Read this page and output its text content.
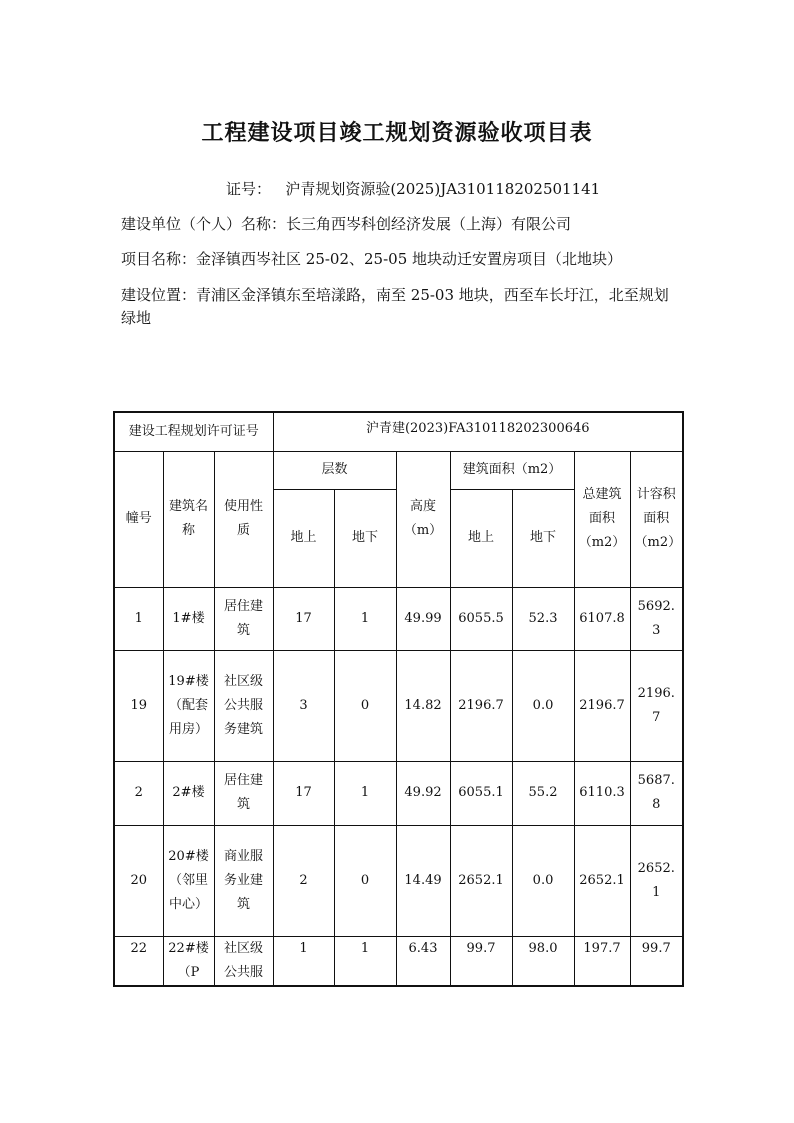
工程建设项目竣工规划资源验收项目表
证号： 沪青规划资源验(2025)JA310118202501141
建设单位（个人）名称：长三角西岑科创经济发展（上海）有限公司
项目名称：金泽镇西岑社区 25-02、25-05 地块动迁安置房项目（北地块）
建设位置：青浦区金泽镇东至培漾路，南至 25-03 地块，西至车长圩江，北至规划绿地
建设工程规划许可证号			沪青建(2023)FA310118202300646						
幢号	建筑名称	使用性质	层数		高度（m）	建筑面积（m2）		总建筑面积（m2）	计容积面积（m2）
			地上	地下		地上	地下		
1	1#楼	居住建筑	17	1	49.99	6055.5	52.3	6107.8	5692.3
19	19#楼（配套用房）	社区级公共服务建筑	3	0	14.82	2196.7	0.0	2196.7	2196.7
2	2#楼	居住建筑	17	1	49.92	6055.1	55.2	6110.3	5687.8
20	20#楼（邻里中心）	商业服务业建筑	2	0	14.49	2652.1	0.0	2652.1	2652.1
22	22#楼（P	社区级公共服	1	1	6.43	99.7	98.0	197.7	99.7
